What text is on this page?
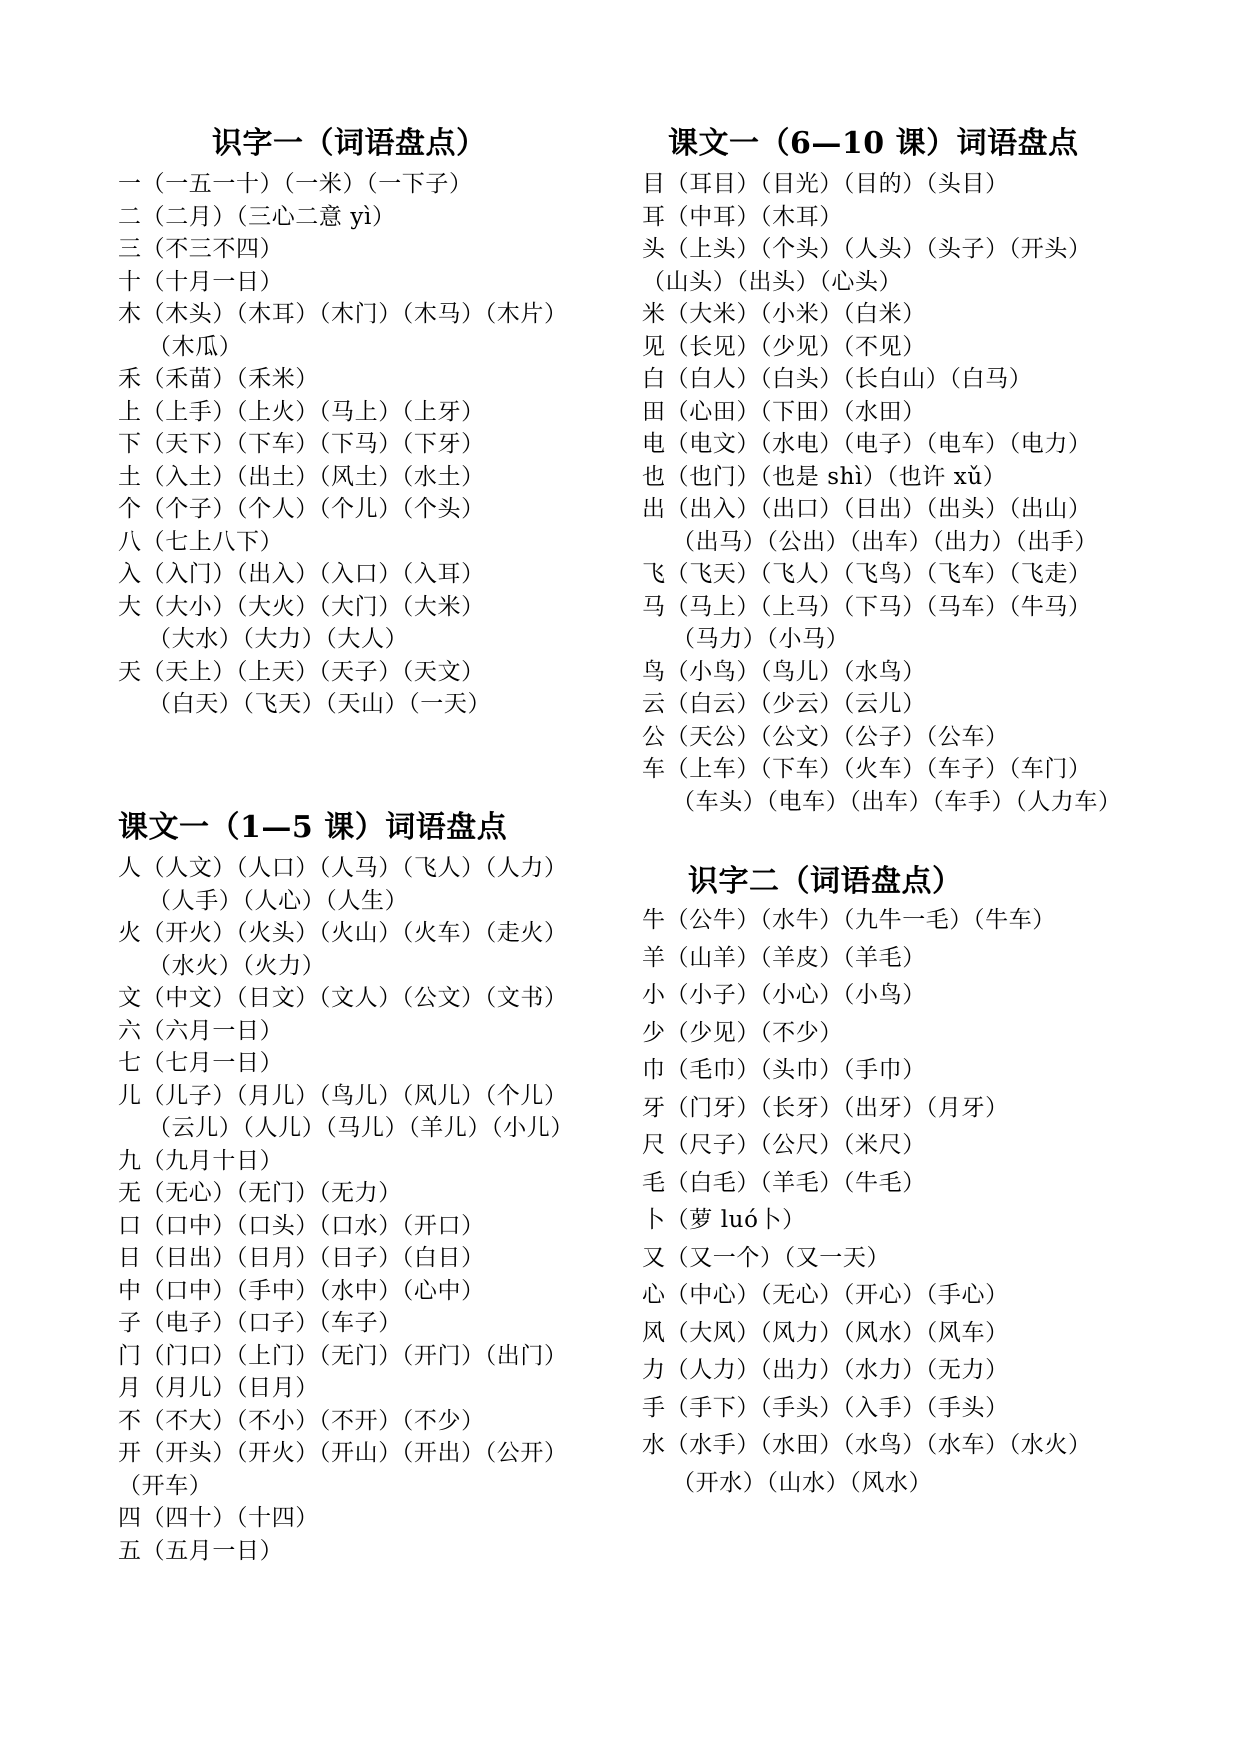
识字一（词语盘点）
一（一五一十）（一米）（一下子）
二（二月）（三心二意 yì）
三（不三不四）
十（十月一日）
木（木头）（木耳）（木门）（木马）（木片）
（木瓜）
禾（禾苗）（禾米）
上（上手）（上火）（马上）（上牙）
下（天下）（下车）（下马）（下牙）
土（入土）（出土）（风土）（水土）
个（个子）（个人）（个儿）（个头）
八（七上八下）
入（入门）（出入）（入口）（入耳）
大（大小）（大火）（大门）（大米）
（大水）（大力）（大人）
天（天上）（上天）（天子）（天文）
（白天）（飞天）（天山）（一天）
课文一（1—5 课）词语盘点
人（人文）（人口）（人马）（飞人）（人力）
（人手）（人心）（人生）
火（开火）（火头）（火山）（火车）（走火）
（水火）（火力）
文（中文）（日文）（文人）（公文）（文书）
六（六月一日）
七（七月一日）
儿（儿子）（月儿）（鸟儿）（风儿）（个儿）
（云儿）（人儿）（马儿）（羊儿）（小儿）
九（九月十日）
无（无心）（无门）（无力）
口（口中）（口头）（口水）（开口）
日（日出）（日月）（日子）（白日）
中（口中）（手中）（水中）（心中）
子（电子）（口子）（车子）
门（门口）（上门）（无门）（开门）（出门）
月（月儿）（日月）
不（不大）（不小）（不开）（不少）
开（开头）（开火）（开山）（开出）（公开）
（开车）
四（四十）（十四）
五（五月一日）
课文一（6—10 课）词语盘点
目（耳目）（目光）（目的）（头目）
耳（中耳）（木耳）
头（上头）（个头）（人头）（头子）（开头）
（山头）（出头）（心头）
米（大米）（小米）（白米）
见（长见）（少见）（不见）
白（白人）（白头）（长白山）（白马）
田（心田）（下田）（水田）
电（电文）（水电）（电子）（电车）（电力）
也（也门）（也是 shì）（也许 xǔ）
出（出入）（出口）（日出）（出头）（出山）
（出马）（公出）（出车）（出力）（出手）
飞（飞天）（飞人）（飞鸟）（飞车）（飞走）
马（马上）（上马）（下马）（马车）（牛马）
（马力）（小马）
鸟（小鸟）（鸟儿）（水鸟）
云（白云）（少云）（云儿）
公（天公）（公文）（公子）（公车）
车（上车）（下车）（火车）（车子）（车门）
（车头）（电车）（出车）（车手）（人力车）
识字二（词语盘点）
牛（公牛）（水牛）（九牛一毛）（牛车）
羊（山羊）（羊皮）（羊毛）
小（小子）（小心）（小鸟）
少（少见）（不少）
巾（毛巾）（头巾）（手巾）
牙（门牙）（长牙）（出牙）（月牙）
尺（尺子）（公尺）（米尺）
毛（白毛）（羊毛）（牛毛）
卜（萝 luó卜）
又（又一个）（又一天）
心（中心）（无心）（开心）（手心）
风（大风）（风力）（风水）（风车）
力（人力）（出力）（水力）（无力）
手（手下）（手头）（入手）（手头）
水（水手）（水田）（水鸟）（水车）（水火）
（开水）（山水）（风水）
